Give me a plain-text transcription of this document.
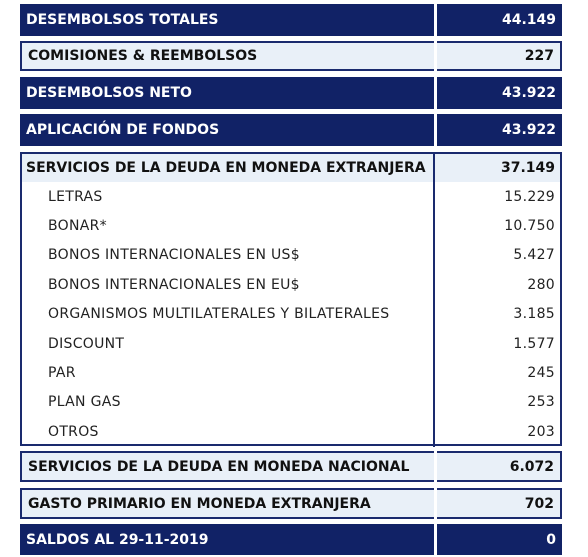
DESEMBOLSOS TOTALES	44.149
COMISIONES & REEMBOLSOS	227
DESEMBOLSOS NETO	43.922
APLICACIÓN DE FONDOS	43.922
SERVICIOS DE LA DEUDA EN MONEDA EXTRANJERA	37.149
LETRAS	15.229
BONAR*	10.750
BONOS INTERNACIONALES EN US$	5.427
BONOS INTERNACIONALES EN EU$	280
ORGANISMOS MULTILATERALES Y BILATERALES	3.185
DISCOUNT	1.577
PAR	245
PLAN GAS	253
OTROS	203
SERVICIOS DE LA DEUDA EN MONEDA NACIONAL	6.072
GASTO PRIMARIO EN MONEDA EXTRANJERA	702
SALDOS AL 29-11-2019	0
